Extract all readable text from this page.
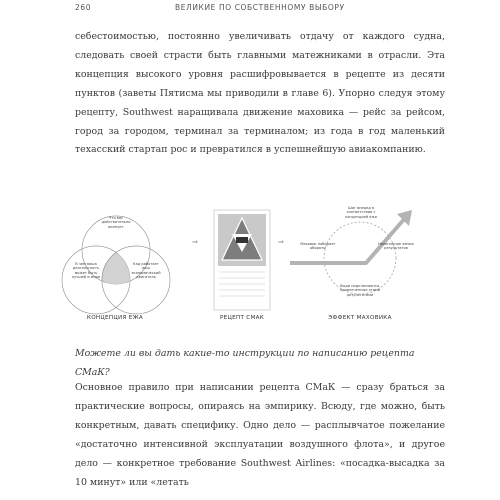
260	ВЕЛИКИЕ ПО СОБСТВЕННОМУ ВЫБОРУ

себестоимостью, постоянно увеличивать отдачу от каждого судна, следовать своей страсти быть главными матежниками в отрасли. Эта концепция высокого уровня расшифровывается в рецепте из десяти пунктов (заветы Пятисма мы приводили в главе 6). Упорно следуя этому рецепту, Southwest наращивала движение маховика — рейс за рейсом, город за городом, терминал за терминалом; из года в год маленький техасский стартап рос и превратился в успешнейшую авиакомпанию.

⇒	⇒
Что вас действительно волнует
В чем ваша деятельность может быть лучшей в мире
Кад работает ваш экономический двигатель
Шаг вперед в соответствии с концепцией ежа
Накопление явных результатов
Люди подключаются, привлеченные этими результатами
Маховик набирает обороты
КОНЦЕПЦИЯ ЕЖА	РЕЦЕПТ СМАК	ЭФФЕКТ МАХОВИКА

Можете ли вы дать какие-то инструкции по написанию рецепта СМаК?

Основное правило при написании рецепта СМаК — сразу браться за практические вопросы, опираясь на эмпирику. Всюду, где можно, быть конкретным, давать специфику. Одно дело — расплывчатое пожелание «достаточно интенсивной эксплуатации воздушного флота», и другое дело — конкретное требование Southwest Airlines: «посадка-высадка за 10 минут» или «летать
